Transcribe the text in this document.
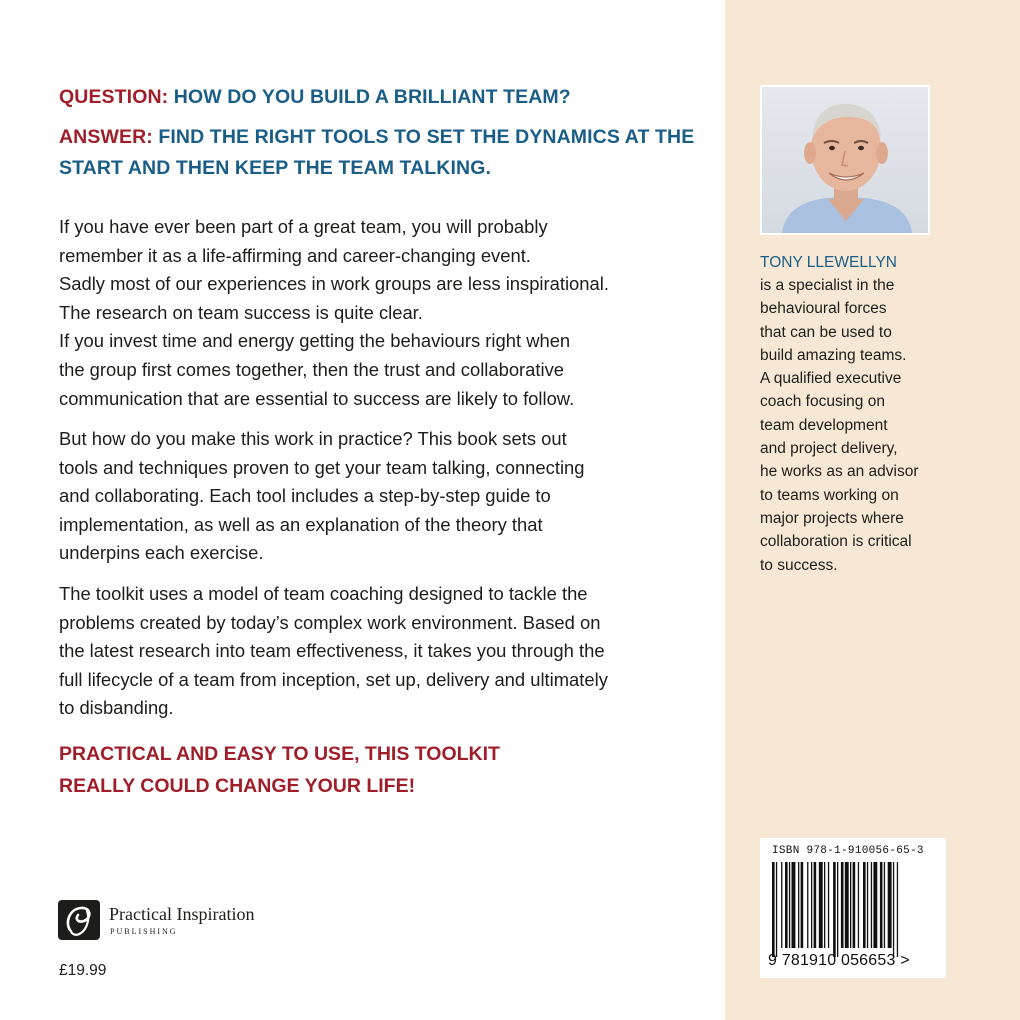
QUESTION: HOW DO YOU BUILD A BRILLIANT TEAM?
ANSWER: FIND THE RIGHT TOOLS TO SET THE DYNAMICS AT THE START AND THEN KEEP THE TEAM TALKING.
If you have ever been part of a great team, you will probably
remember it as a life-affirming and career-changing event.
Sadly most of our experiences in work groups are less inspirational.
The research on team success is quite clear.
If you invest time and energy getting the behaviours right when
the group first comes together, then the trust and collaborative
communication that are essential to success are likely to follow.
But how do you make this work in practice? This book sets out
tools and techniques proven to get your team talking, connecting
and collaborating. Each tool includes a step-by-step guide to
implementation, as well as an explanation of the theory that
underpins each exercise.
The toolkit uses a model of team coaching designed to tackle the
problems created by today’s complex work environment. Based on
the latest research into team effectiveness, it takes you through the
full lifecycle of a team from inception, set up, delivery and ultimately
to disbanding.
PRACTICAL AND EASY TO USE, THIS TOOLKIT
REALLY COULD CHANGE YOUR LIFE!
Practical Inspiration
PUBLISHING
£19.99
TONY LLEWELLYN
is a specialist in the
behavioural forces
that can be used to
build amazing teams.
A qualified executive
coach focusing on
team development
and project delivery,
he works as an advisor
to teams working on
major projects where
collaboration is critical
to success.
ISBN 978-1-910056-65-3
9 781910 056653 >
